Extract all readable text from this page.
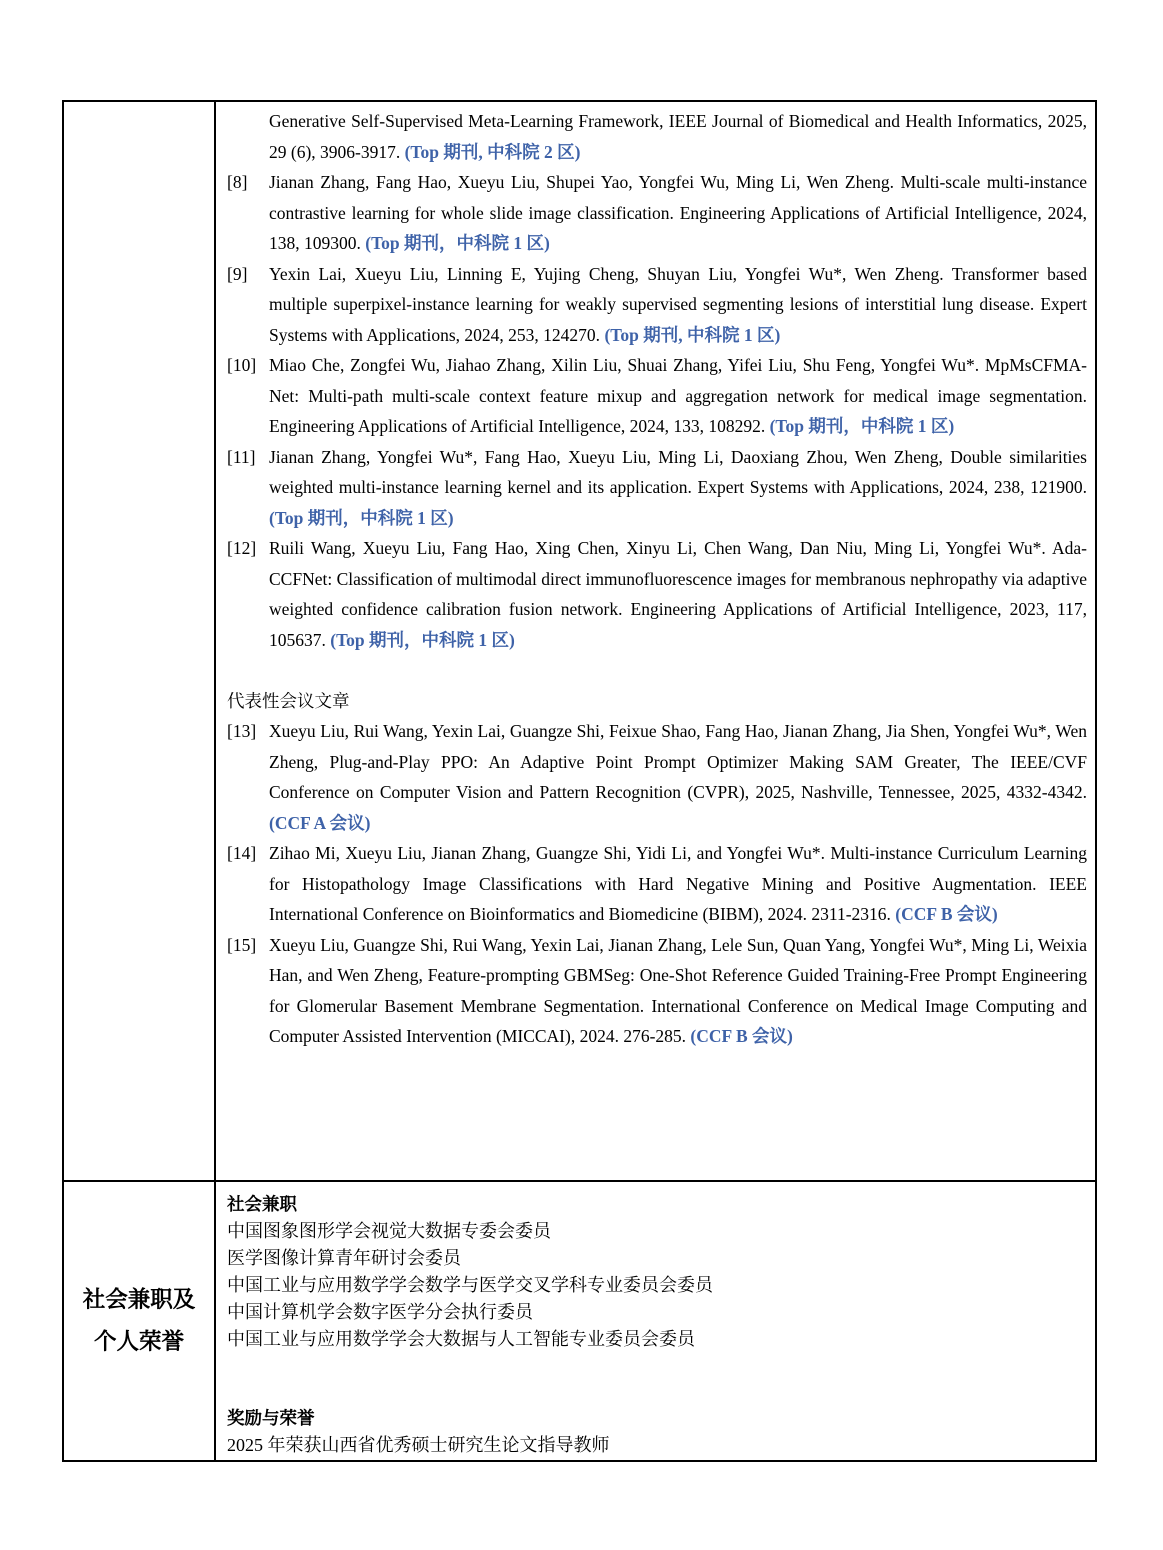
Generative Self-Supervised Meta-Learning Framework, IEEE Journal of Biomedical and Health Informatics, 2025, 29 (6), 3906-3917. (Top 期刊, 中科院 2 区)

[8] Jianan Zhang, Fang Hao, Xueyu Liu, Shupei Yao, Yongfei Wu, Ming Li, Wen Zheng. Multi-scale multi-instance contrastive learning for whole slide image classification. Engineering Applications of Artificial Intelligence, 2024, 138, 109300. (Top 期刊，中科院 1 区)

[9] Yexin Lai, Xueyu Liu, Linning E, Yujing Cheng, Shuyan Liu, Yongfei Wu*, Wen Zheng. Transformer based multiple superpixel-instance learning for weakly supervised segmenting lesions of interstitial lung disease. Expert Systems with Applications, 2024, 253, 124270. (Top 期刊, 中科院 1 区)

[10] Miao Che, Zongfei Wu, Jiahao Zhang, Xilin Liu, Shuai Zhang, Yifei Liu, Shu Feng, Yongfei Wu*. MpMsCFMA-Net: Multi-path multi-scale context feature mixup and aggregation network for medical image segmentation. Engineering Applications of Artificial Intelligence, 2024, 133, 108292. (Top 期刊，中科院 1 区)

[11] Jianan Zhang, Yongfei Wu*, Fang Hao, Xueyu Liu, Ming Li, Daoxiang Zhou, Wen Zheng, Double similarities weighted multi-instance learning kernel and its application. Expert Systems with Applications, 2024, 238, 121900. (Top 期刊，中科院 1 区)

[12] Ruili Wang, Xueyu Liu, Fang Hao, Xing Chen, Xinyu Li, Chen Wang, Dan Niu, Ming Li, Yongfei Wu*. Ada-CCFNet: Classification of multimodal direct immunofluorescence images for membranous nephropathy via adaptive weighted confidence calibration fusion network. Engineering Applications of Artificial Intelligence, 2023, 117, 105637. (Top 期刊，中科院 1 区)

代表性会议文章

[13] Xueyu Liu, Rui Wang, Yexin Lai, Guangze Shi, Feixue Shao, Fang Hao, Jianan Zhang, Jia Shen, Yongfei Wu*, Wen Zheng, Plug-and-Play PPO: An Adaptive Point Prompt Optimizer Making SAM Greater, The IEEE/CVF Conference on Computer Vision and Pattern Recognition (CVPR), 2025, Nashville, Tennessee, 2025, 4332-4342. (CCF A 会议)

[14] Zihao Mi, Xueyu Liu, Jianan Zhang, Guangze Shi, Yidi Li, and Yongfei Wu*. Multi-instance Curriculum Learning for Histopathology Image Classifications with Hard Negative Mining and Positive Augmentation. IEEE International Conference on Bioinformatics and Biomedicine (BIBM), 2024. 2311-2316. (CCF B 会议)

[15] Xueyu Liu, Guangze Shi, Rui Wang, Yexin Lai, Jianan Zhang, Lele Sun, Quan Yang, Yongfei Wu*, Ming Li, Weixia Han, and Wen Zheng, Feature-prompting GBMSeg: One-Shot Reference Guided Training-Free Prompt Engineering for Glomerular Basement Membrane Segmentation. International Conference on Medical Image Computing and Computer Assisted Intervention (MICCAI), 2024. 276-285. (CCF B 会议)

社会兼职及
个人荣誉

社会兼职

中国图象图形学会视觉大数据专委会委员

医学图像计算青年研讨会委员

中国工业与应用数学学会数学与医学交叉学科专业委员会委员

中国计算机学会数字医学分会执行委员

中国工业与应用数学学会大数据与人工智能专业委员会委员

奖励与荣誉

2025 年荣获山西省优秀硕士研究生论文指导教师
